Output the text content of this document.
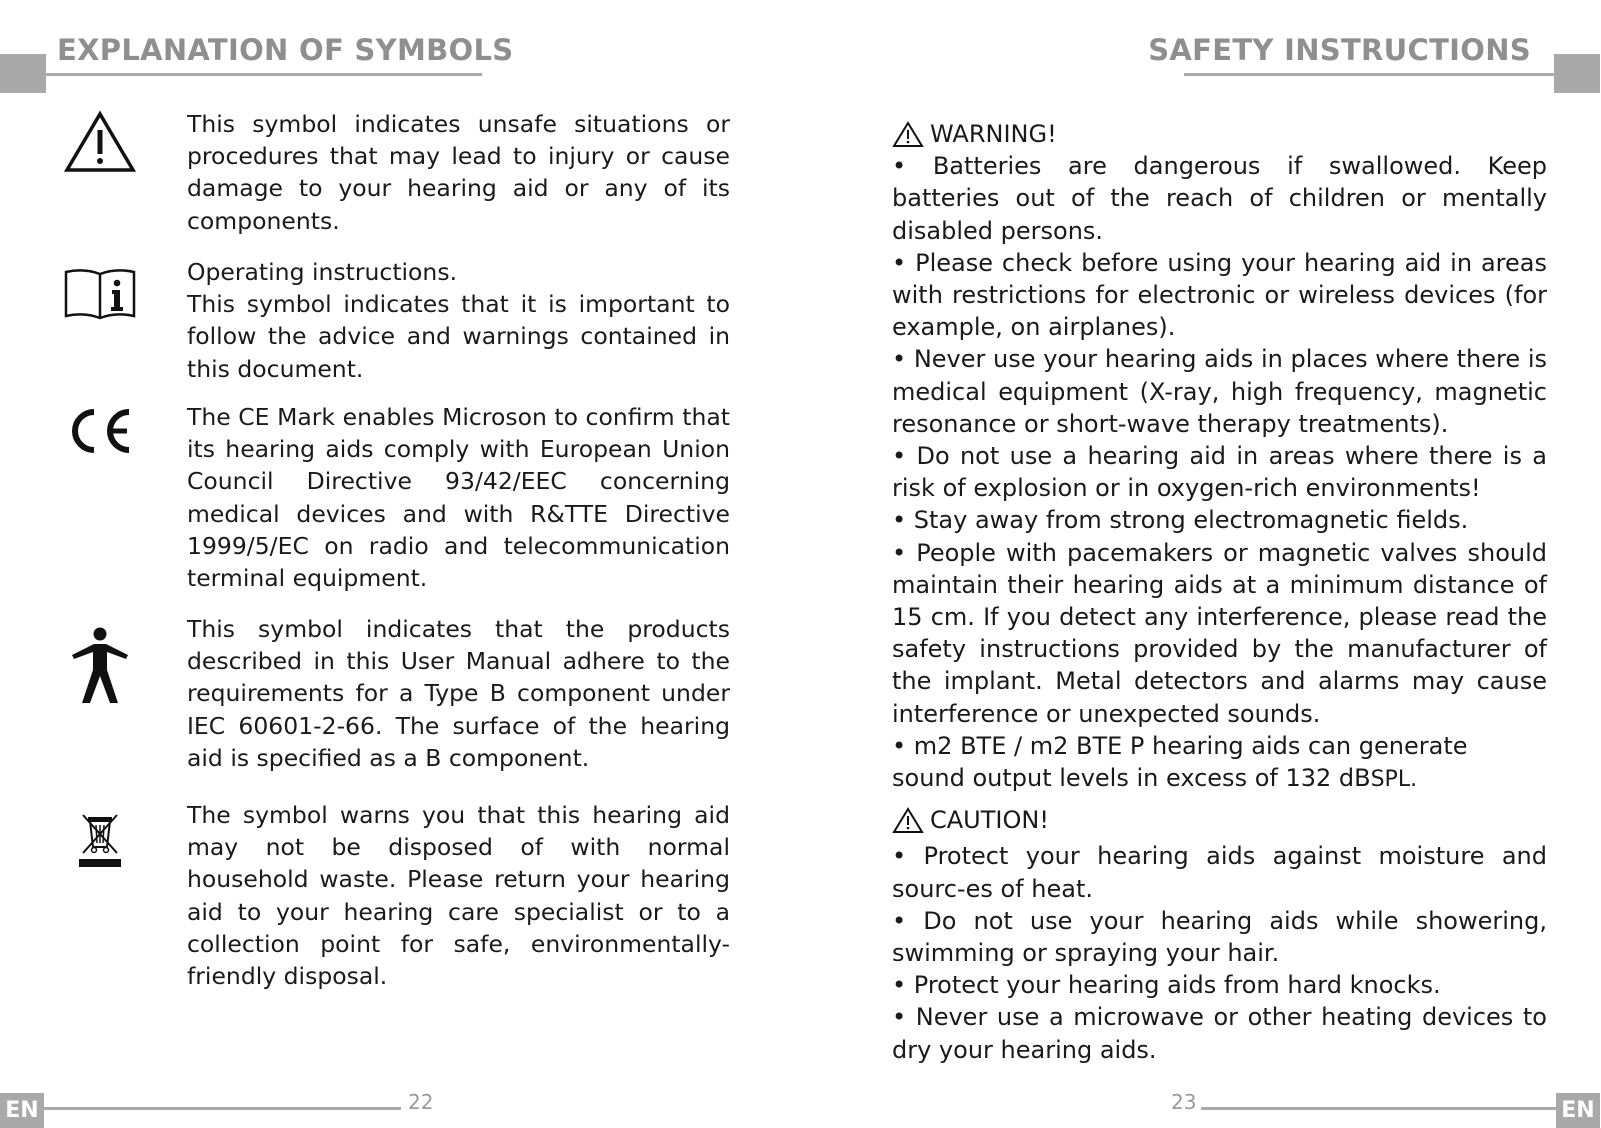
EXPLANATION OF SYMBOLS

This symbol indicates unsafe situations or procedures that may lead to injury or cause damage to your hearing aid or any of its components.

Operating instructions.
This symbol indicates that it is important to follow the advice and warnings contained in this document.

The CE Mark enables Microson to confirm that its hearing aids comply with European Union Council Directive 93/42/EEC concerning medical devices and with R&TTE Directive 1999/5/EC on radio and telecommunication terminal equipment.

This symbol indicates that the products described in this User Manual adhere to the requirements for a Type B component under IEC 60601-2-66. The surface of the hearing aid is specified as a B component.

The symbol warns you that this hearing aid may not be disposed of with normal household waste. Please return your hearing aid to your hearing care specialist or to a collection point for safe, environmentally-friendly disposal.

EN	22
SAFETY INSTRUCTIONS
WARNING!

• Batteries are dangerous if swallowed. Keep batteries out of the reach of children or mentally disabled persons.

• Please check before using your hearing aid in areas with restrictions for electronic or wireless devices (for example, on airplanes).

• Never use your hearing aids in places where there is medical equipment (X-ray, high frequency, magnetic resonance or short-wave therapy treatments).

• Do not use a hearing aid in areas where there is a risk of explosion or in oxygen-rich environments!

• Stay away from strong electromagnetic fields.

• People with pacemakers or magnetic valves should maintain their hearing aids at a minimum distance of 15 cm. If you detect any interference, please read the safety instructions provided by the manufacturer of the implant. Metal detectors and alarms may cause interference or unexpected sounds.

• m2 BTE / m2 BTE P hearing aids can generate sound output levels in excess of 132 dBSPL.

CAUTION!

• Protect your hearing aids against moisture and sourc-es of heat.

• Do not use your hearing aids while showering, swimming or spraying your hair.

• Protect your hearing aids from hard knocks.

• Never use a microwave or other heating devices to dry your hearing aids.

EN
23
